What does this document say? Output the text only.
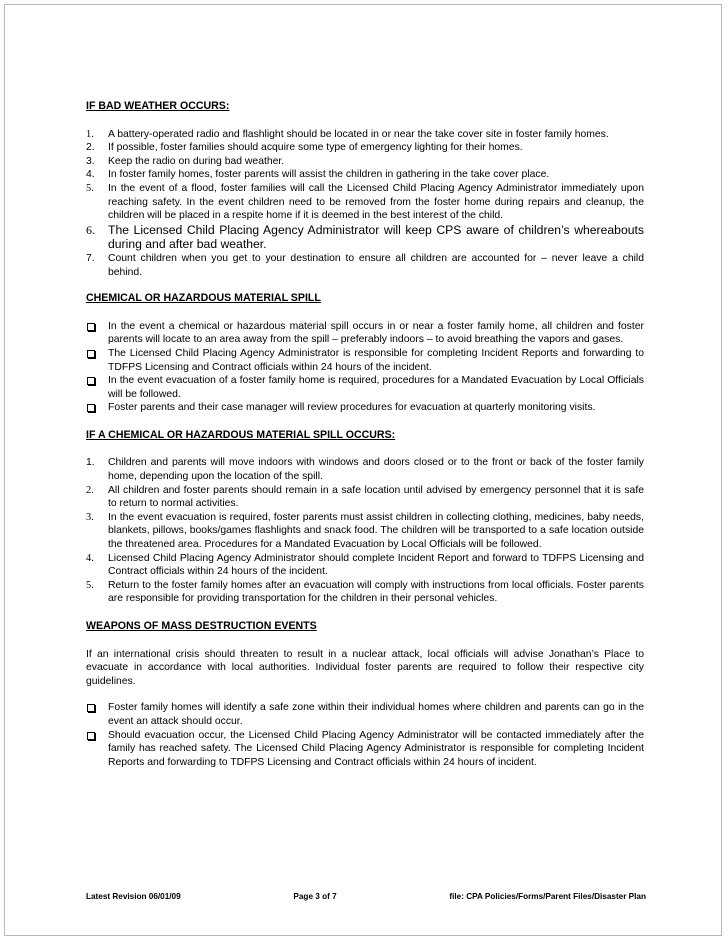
IF BAD WEATHER OCCURS:

1.	A battery-operated radio and flashlight should be located in or near the take cover site in foster family homes.
2.	If possible, foster families should acquire some type of emergency lighting for their homes.
3.	Keep the radio on during bad weather.
4.	In foster family homes, foster parents will assist the children in gathering in the take cover place.
5.	In the event of a flood, foster families will call the Licensed Child Placing Agency Administrator immediately upon reaching safety. In the event children need to be removed from the foster home during repairs and cleanup, the children will be placed in a respite home if it is deemed in the best interest of the child.
6.	The Licensed Child Placing Agency Administrator will keep CPS aware of children’s whereabouts during and after bad weather.
7.	Count children when you get to your destination to ensure all children are accounted for – never leave a child behind.

CHEMICAL OR HAZARDOUS MATERIAL SPILL

In the event a chemical or hazardous material spill occurs in or near a foster family home, all children and foster parents will locate to an area away from the spill – preferably indoors – to avoid breathing the vapors and gases.
The Licensed Child Placing Agency Administrator is responsible for completing Incident Reports and forwarding to TDFPS Licensing and Contract officials within 24 hours of the incident.
In the event evacuation of a foster family home is required, procedures for a Mandated Evacuation by Local Officials will be followed.
Foster parents and their case manager will review procedures for evacuation at quarterly monitoring visits.

IF A CHEMICAL OR HAZARDOUS MATERIAL SPILL OCCURS:

1.	Children and parents will move indoors with windows and doors closed or to the front or back of the foster family home, depending upon the location of the spill.
2.	All children and foster parents should remain in a safe location until advised by emergency personnel that it is safe to return to normal activities.
3.	In the event evacuation is required, foster parents must assist children in collecting clothing, medicines, baby needs, blankets, pillows, books/games flashlights and snack food. The children will be transported to a safe location outside the threatened area. Procedures for a Mandated Evacuation by Local Officials will be followed.
4.	Licensed Child Placing Agency Administrator should complete Incident Report and forward to TDFPS Licensing and Contract officials within 24 hours of the incident.
5.	Return to the foster family homes after an evacuation will comply with instructions from local officials. Foster parents are responsible for providing transportation for the children in their personal vehicles.

WEAPONS OF MASS DESTRUCTION EVENTS

If an international crisis should threaten to result in a nuclear attack, local officials will advise Jonathan’s Place to evacuate in accordance with local authorities. Individual foster parents are required to follow their respective city guidelines.

Foster family homes will identify a safe zone within their individual homes where children and parents can go in the event an attack should occur.
Should evacuation occur, the Licensed Child Placing Agency Administrator will be contacted immediately after the family has reached safety. The Licensed Child Placing Agency Administrator is responsible for completing Incident Reports and forwarding to TDFPS Licensing and Contract officials within 24 hours of incident.
Latest Revision 06/01/09	Page 3 of 7	file: CPA Policies/Forms/Parent Files/Disaster Plan
